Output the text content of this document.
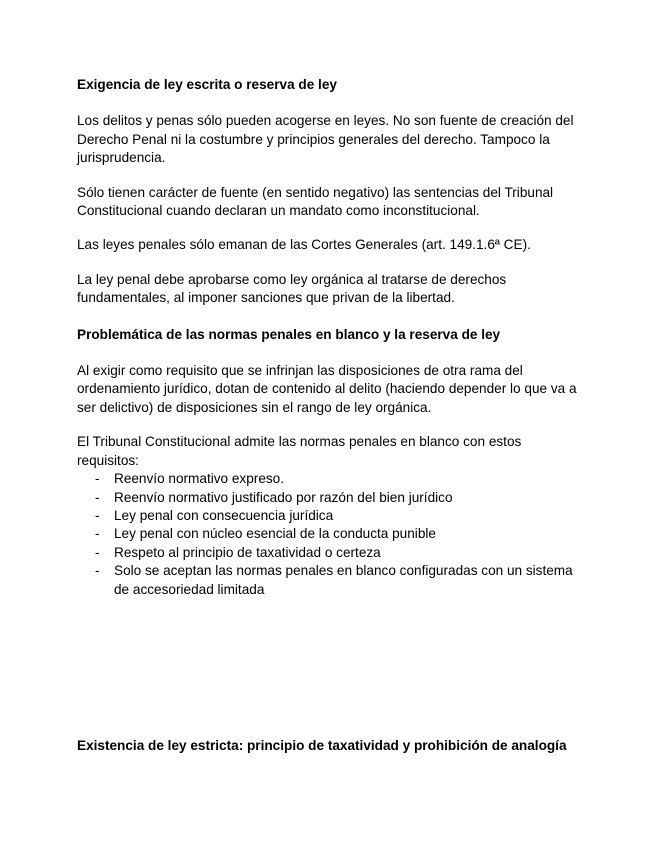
Exigencia de ley escrita o reserva de ley

Los delitos y penas sólo pueden acogerse en leyes. No son fuente de creación del Derecho Penal ni la costumbre y principios generales del derecho. Tampoco la jurisprudencia.

Sólo tienen carácter de fuente (en sentido negativo) las sentencias del Tribunal Constitucional cuando declaran un mandato como inconstitucional.

Las leyes penales sólo emanan de las Cortes Generales (art. 149.1.6ª CE).

La ley penal debe aprobarse como ley orgánica al tratarse de derechos fundamentales, al imponer sanciones que privan de la libertad.

Problemática de las normas penales en blanco y la reserva de ley

Al exigir como requisito que se infrinjan las disposiciones de otra rama del ordenamiento jurídico, dotan de contenido al delito (haciendo depender lo que va a ser delictivo) de disposiciones sin el rango de ley orgánica.

El Tribunal Constitucional admite las normas penales en blanco con estos requisitos:

-	Reenvío normativo expreso.
-	Reenvío normativo justificado por razón del bien jurídico
-	Ley penal con consecuencia jurídica
-	Ley penal con núcleo esencial de la conducta punible
-	Respeto al principio de taxatividad o certeza
-	Solo se aceptan las normas penales en blanco configuradas con un sistema de accesoriedad limitada

Existencia de ley estricta: principio de taxatividad y prohibición de analogía
